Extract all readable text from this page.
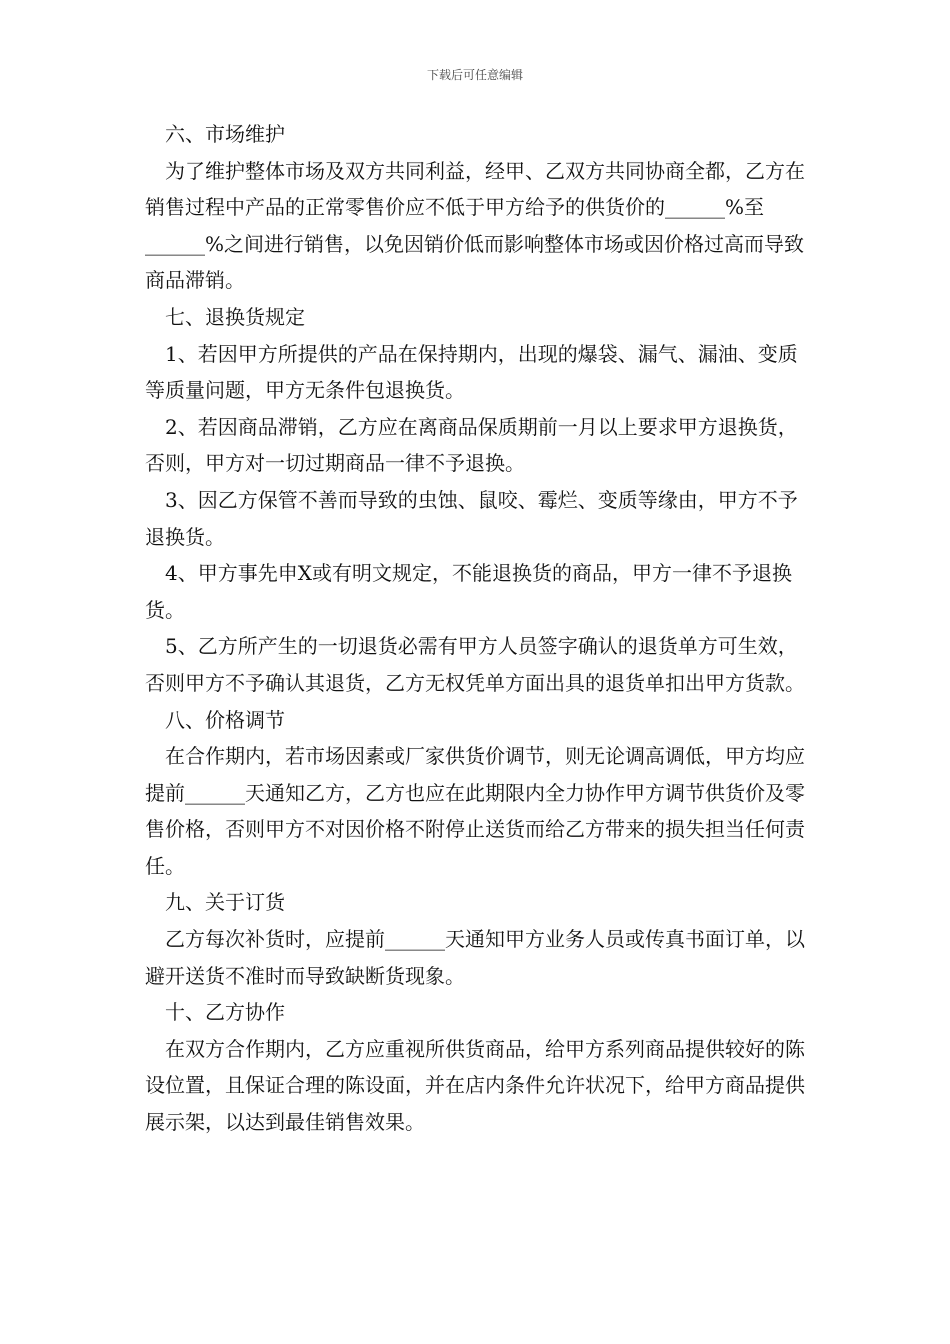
下载后可任意编辑

六、市场维护

为了维护整体市场及双方共同利益，经甲、乙双方共同协商全都，乙方在销售过程中产品的正常零售价应不低于甲方给予的供货价的______%至______%之间进行销售，以免因销价低而影响整体市场或因价格过高而导致商品滞销。

七、退换货规定

1、若因甲方所提供的产品在保持期内，出现的爆袋、漏气、漏油、变质等质量问题，甲方无条件包退换货。

2、若因商品滞销，乙方应在离商品保质期前一月以上要求甲方退换货，否则，甲方对一切过期商品一律不予退换。

3、因乙方保管不善而导致的虫蚀、鼠咬、霉烂、变质等缘由，甲方不予退换货。

4、甲方事先申X或有明文规定，不能退换货的商品，甲方一律不予退换货。

5、乙方所产生的一切退货必需有甲方人员签字确认的退货单方可生效，否则甲方不予确认其退货，乙方无权凭单方面出具的退货单扣出甲方货款。

八、价格调节

在合作期内，若市场因素或厂家供货价调节，则无论调高调低，甲方均应提前______天通知乙方，乙方也应在此期限内全力协作甲方调节供货价及零售价格，否则甲方不对因价格不附停止送货而给乙方带来的损失担当任何责任。

九、关于订货

乙方每次补货时，应提前______天通知甲方业务人员或传真书面订单，以避开送货不准时而导致缺断货现象。

十、乙方协作

在双方合作期内，乙方应重视所供货商品，给甲方系列商品提供较好的陈设位置，且保证合理的陈设面，并在店内条件允许状况下，给甲方商品提供展示架，以达到最佳销售效果。
